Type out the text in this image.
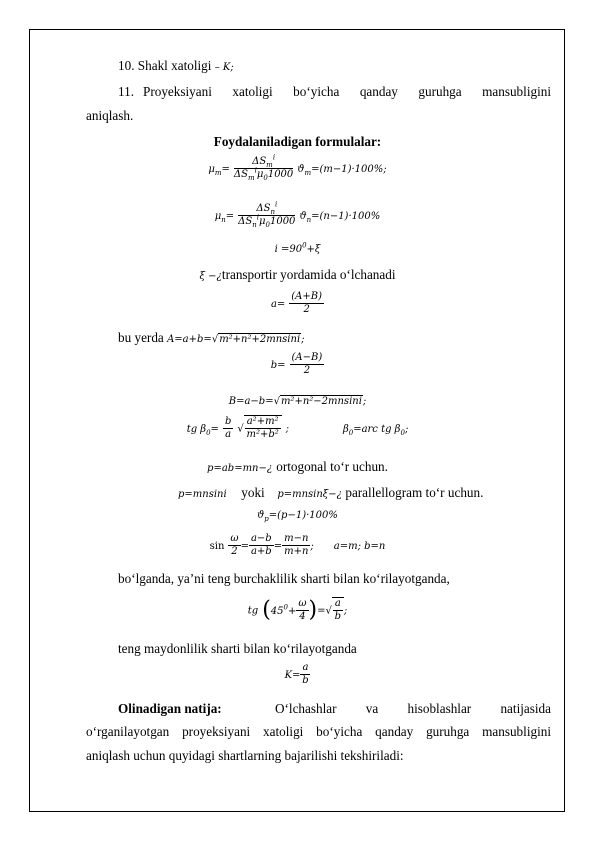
10. Shakl xatoligi – K;
11. Proyeksiyani xatoligi bo‘yicha qanday guruhga mansubligini
aniqlash.
Foydalaniladigan formulalar:
$\mu_m= \frac{\Delta S_m^i}{\Delta S_m^i\mu_01000} ϑ_m=(m-1)\cdot 100\%$;
$\mu_n= \frac{\Delta S_n^i}{\Delta S_n^i\mu_01000} ϑ_n=(n-1)\cdot 100\%$
$i =90^0+\xi$
ξ −¿transportir yordamida o‘lchanadi
$a= \frac{(A+B)}{2}$
bu yerda A=a+b=√m²+n²+2mnsini;
$b= \frac{(A-B)}{2}$
B=a−b=√m²+n²−2mnsini;
tg $\beta_0= \frac{b}{a}$ √ $\frac{\text{a²+m²}}{\text{m²+b²}}$ ;	$\beta_0=arc$ tg $\beta_0$;
p=ab=mn−¿ ortogonal to‘r uchun.
p=mnsini yoki p=mnsinξ−¿ parallellogram to‘r uchun.
$ϑ_p=(p-1)\cdot 100\%$
$\sin \frac{\omega}{2} = \frac{a-b}{a+b} = \frac{m-n}{m+n}$ ; a=m; b=n
bo‘lganda, ya’ni teng burchaklilik sharti bilan ko‘rilayotganda,
tg ($45^0+ \frac{\omega}{4}$ )=√ $\frac{a}{b}$ ;
teng maydonlilik sharti bilan ko‘rilayotganda
$K= \frac{a}{b}$
Olinadigan natija:	O‘lchashlar va hisoblashlar natijasida
o‘rganilayotgan proyeksiyani xatoligi bo‘yicha qanday guruhga mansubligini
aniqlash uchun quyidagi shartlarning bajarilishi tekshiriladi:
